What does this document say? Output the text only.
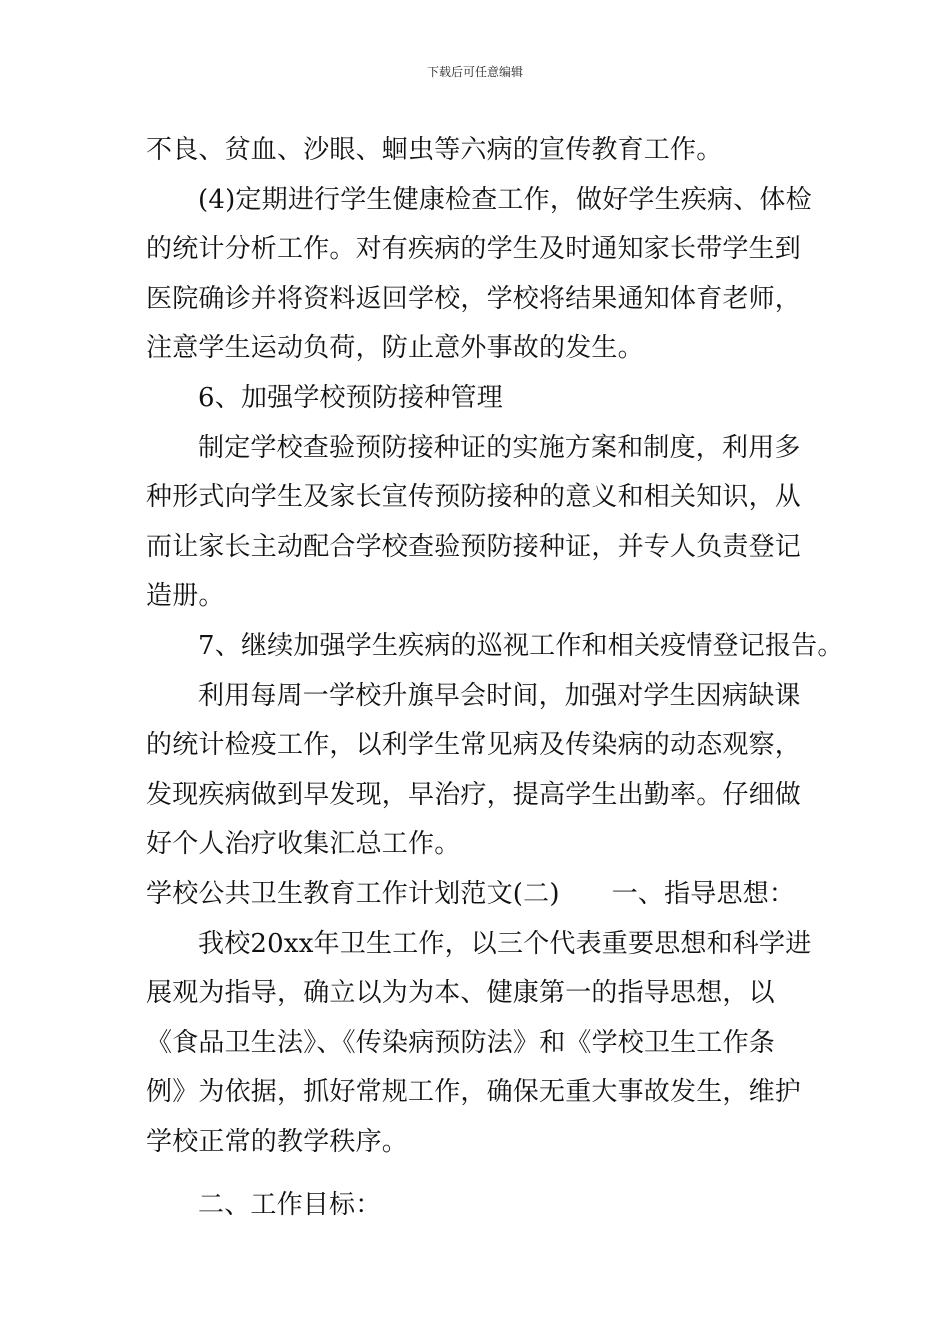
下载后可任意编辑
不良、贫血、沙眼、蛔虫等六病的宣传教育工作。
(4)定期进行学生健康检查工作，做好学生疾病、体检
的统计分析工作。对有疾病的学生及时通知家长带学生到
医院确诊并将资料返回学校，学校将结果通知体育老师，
注意学生运动负荷，防止意外事故的发生。
6、加强学校预防接种管理
制定学校查验预防接种证的实施方案和制度，利用多
种形式向学生及家长宣传预防接种的意义和相关知识，从
而让家长主动配合学校查验预防接种证，并专人负责登记
造册。
7、继续加强学生疾病的巡视工作和相关疫情登记报告。
利用每周一学校升旗早会时间，加强对学生因病缺课
的统计检疫工作，以利学生常见病及传染病的动态观察，
发现疾病做到早发现，早治疗，提高学生出勤率。仔细做
好个人治疗收集汇总工作。
学校公共卫生教育工作计划范文(二) 一、指导思想：
我校20xx年卫生工作，以三个代表重要思想和科学进
展观为指导，确立以为为本、健康第一的指导思想，以
《食品卫生法》、《传染病预防法》和《学校卫生工作条
例》为依据，抓好常规工作，确保无重大事故发生，维护
学校正常的教学秩序。
二、工作目标：
